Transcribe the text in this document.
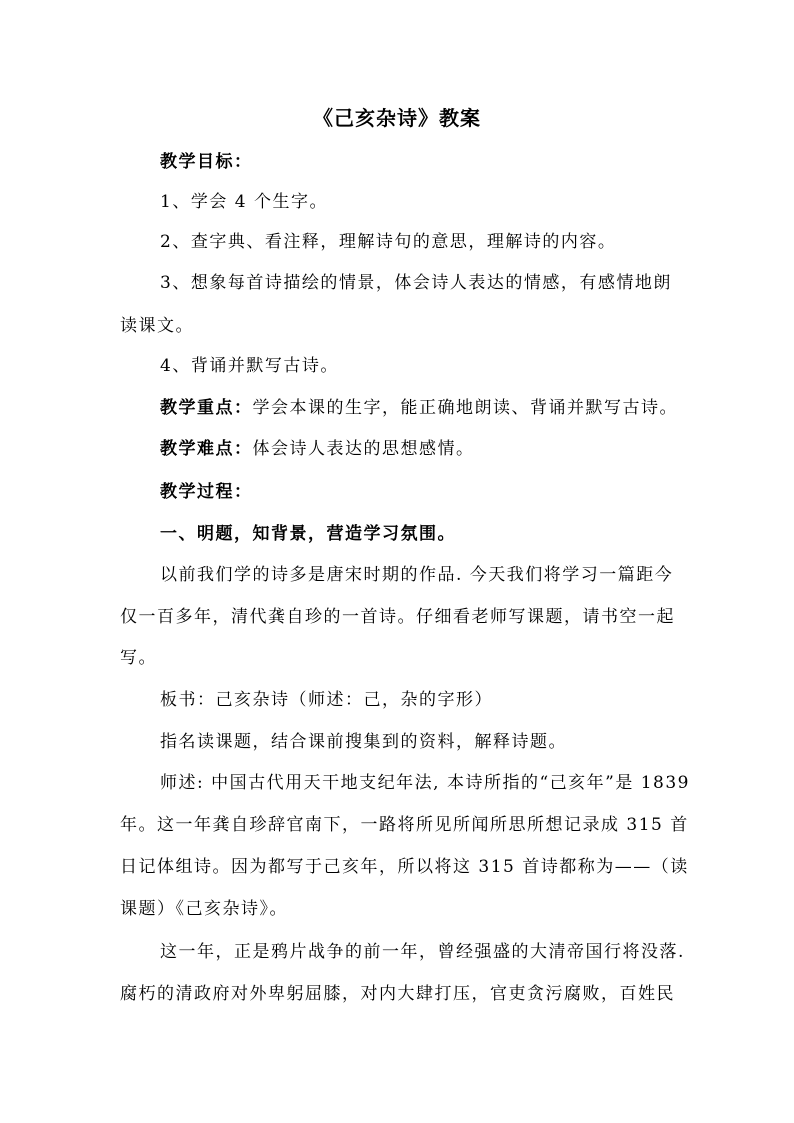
《己亥杂诗》教案
教学目标：
1、学会 4 个生字。
2、查字典、看注释，理解诗句的意思，理解诗的内容。
3、想象每首诗描绘的情景，体会诗人表达的情感，有感情地朗
读课文。
4、背诵并默写古诗。
教学重点：学会本课的生字，能正确地朗读、背诵并默写古诗。
教学难点：体会诗人表达的思想感情。
教学过程：
一、明题，知背景，营造学习氛围。
以前我们学的诗多是唐宋时期的作品. 今天我们将学习一篇距今
仅一百多年，清代龚自珍的一首诗。仔细看老师写课题，请书空一起
写。
板书：己亥杂诗（师述：己，杂的字形）
指名读课题，结合课前搜集到的资料，解释诗题。
师述: 中国古代用天干地支纪年法, 本诗所指的“己亥年”是 1839
年。这一年龚自珍辞官南下，一路将所见所闻所思所想记录成 315 首
日记体组诗。因为都写于己亥年，所以将这 315 首诗都称为——（读
课题）《己亥杂诗》。
这一年，正是鸦片战争的前一年，曾经强盛的大清帝国行将没落.
腐朽的清政府对外卑躬屈膝，对内大肆打压，官吏贪污腐败，百姓民
